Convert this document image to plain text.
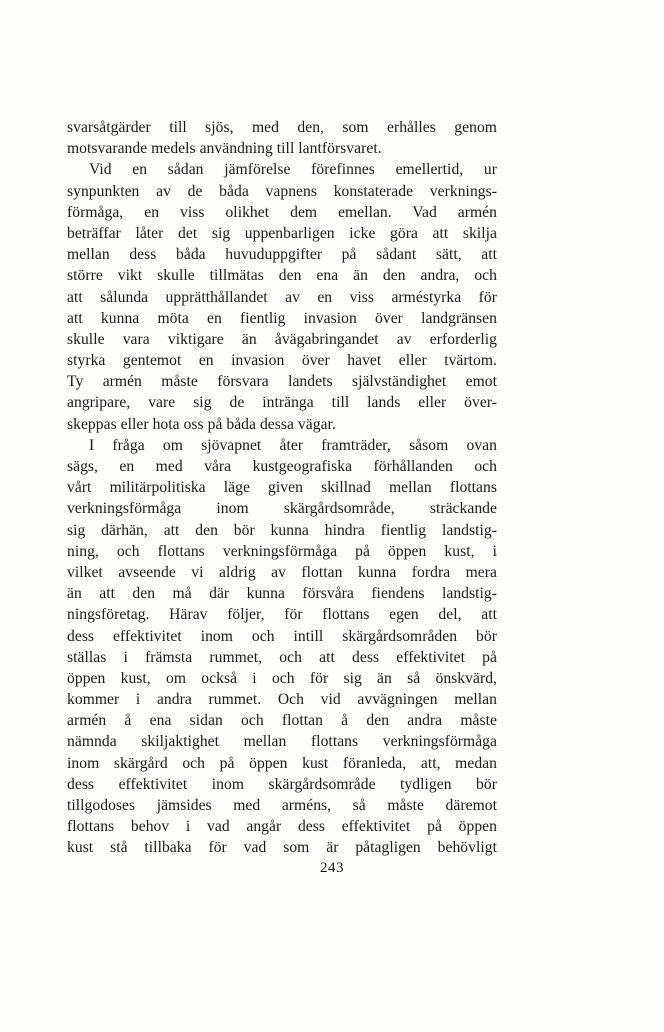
svarsåtgärder till sjös, med den, som erhålles genom
motsvarande medels användning till lantförsvaret.
Vid en sådan jämförelse förefinnes emellertid, ur
synpunkten av de båda vapnens konstaterade verknings-
förmåga, en viss olikhet dem emellan. Vad armén
beträffar låter det sig uppenbarligen icke göra att skilja
mellan dess båda huvuduppgifter på sådant sätt, att
större vikt skulle tillmätas den ena än den andra, och
att sålunda upprätthållandet av en viss arméstyrka för
att kunna möta en fientlig invasion över landgränsen
skulle vara viktigare än åvägabringandet av erforderlig
styrka gentemot en invasion över havet eller tvärtom.
Ty armén måste försvara landets självständighet emot
angripare, vare sig de intränga till lands eller över-
skeppas eller hota oss på båda dessa vägar.
I fråga om sjövapnet åter framträder, såsom ovan
sägs, en med våra kustgeografiska förhållanden och
vårt militärpolitiska läge given skillnad mellan flottans
verkningsförmåga inom skärgårdsområde, sträckande
sig därhän, att den bör kunna hindra fientlig landstig-
ning, och flottans verkningsförmåga på öppen kust, i
vilket avseende vi aldrig av flottan kunna fordra mera
än att den må där kunna försvåra fiendens landstig-
ningsföretag. Härav följer, för flottans egen del, att
dess effektivitet inom och intill skärgårdsområden bör
ställas i främsta rummet, och att dess effektivitet på
öppen kust, om också i och för sig än så önskvärd,
kommer i andra rummet. Och vid avvägningen mellan
armén å ena sidan och flottan å den andra måste
nämnda skiljaktighet mellan flottans verkningsförmåga
inom skärgård och på öppen kust föranleda, att, medan
dess effektivitet inom skärgårdsområde tydligen bör
tillgodoses jämsides med arméns, så måste däremot
flottans behov i vad angår dess effektivitet på öppen
kust stå tillbaka för vad som är påtagligen behövligt
243
